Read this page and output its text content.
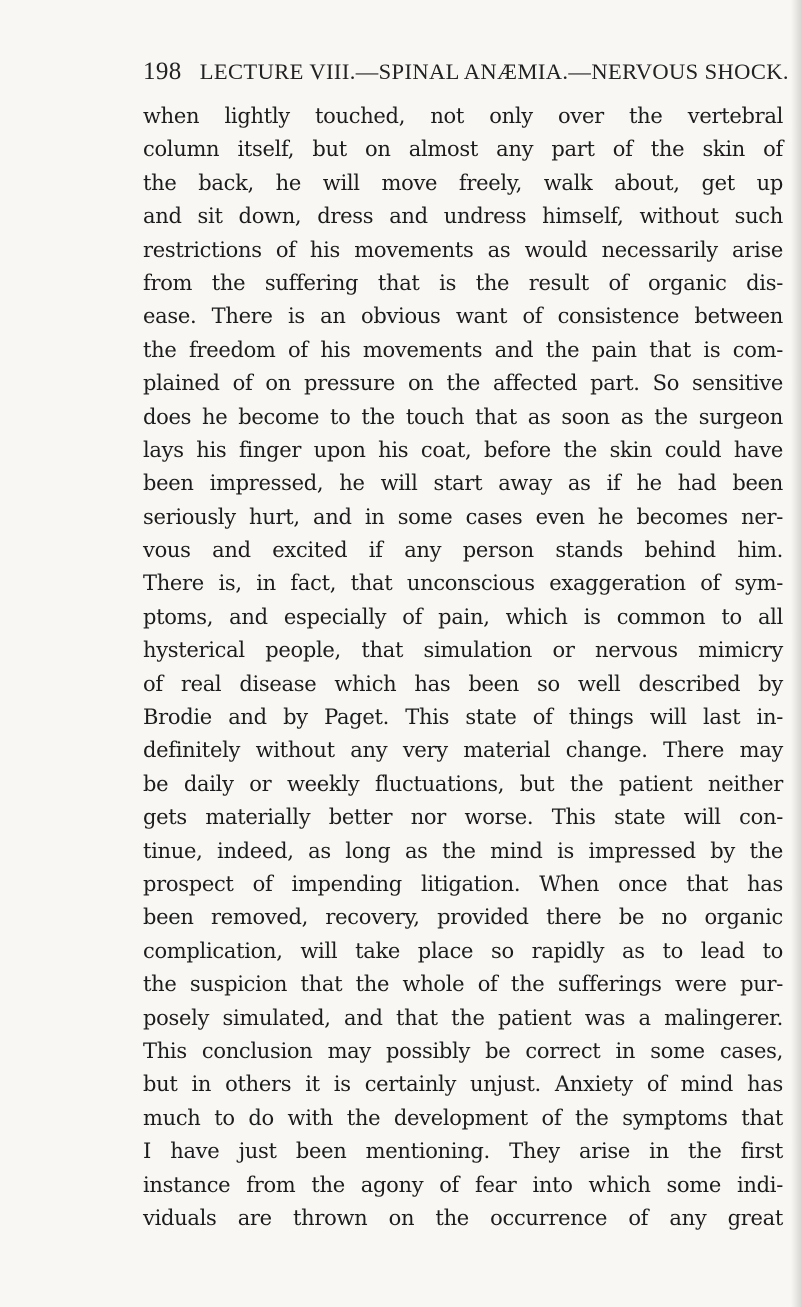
198 LECTURE VIII.—SPINAL ANÆMIA.—NERVOUS SHOCK.
when lightly touched, not only over the vertebral
column itself, but on almost any part of the skin of
the back, he will move freely, walk about, get up
and sit down, dress and undress himself, without such
restrictions of his movements as would necessarily arise
from the suffering that is the result of organic dis-
ease. There is an obvious want of consistence between
the freedom of his movements and the pain that is com-
plained of on pressure on the affected part. So sensitive
does he become to the touch that as soon as the surgeon
lays his finger upon his coat, before the skin could have
been impressed, he will start away as if he had been
seriously hurt, and in some cases even he becomes ner-
vous and excited if any person stands behind him.
There is, in fact, that unconscious exaggeration of sym-
ptoms, and especially of pain, which is common to all
hysterical people, that simulation or nervous mimicry
of real disease which has been so well described by
Brodie and by Paget. This state of things will last in-
definitely without any very material change. There may
be daily or weekly fluctuations, but the patient neither
gets materially better nor worse. This state will con-
tinue, indeed, as long as the mind is impressed by the
prospect of impending litigation. When once that has
been removed, recovery, provided there be no organic
complication, will take place so rapidly as to lead to
the suspicion that the whole of the sufferings were pur-
posely simulated, and that the patient was a malingerer.
This conclusion may possibly be correct in some cases,
but in others it is certainly unjust. Anxiety of mind has
much to do with the development of the symptoms that
I have just been mentioning. They arise in the first
instance from the agony of fear into which some indi-
viduals are thrown on the occurrence of any great
